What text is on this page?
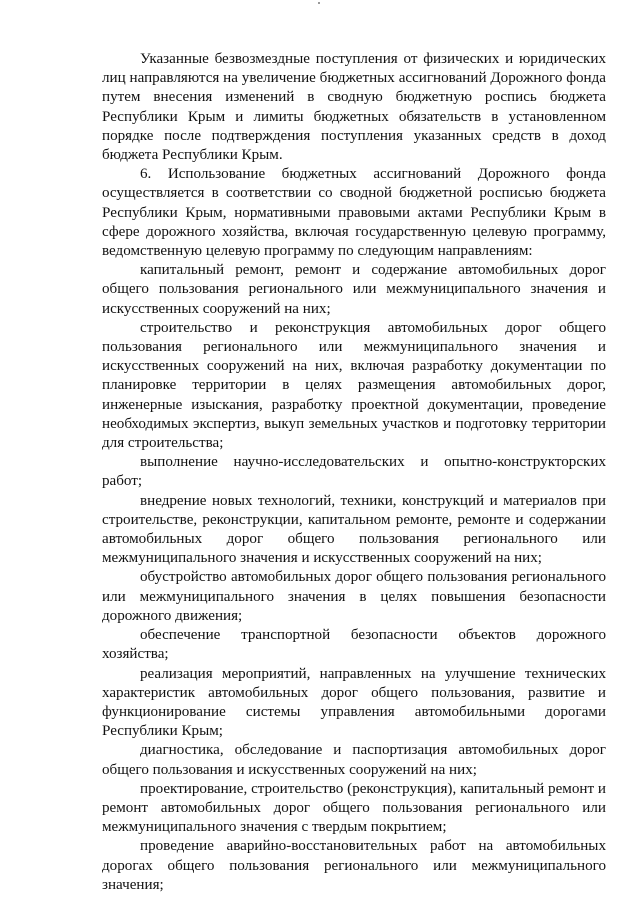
Указанные безвозмездные поступления от физических и юридических лиц направляются на увеличение бюджетных ассигнований Дорожного фонда путем внесения изменений в сводную бюджетную роспись бюджета Республики Крым и лимиты бюджетных обязательств в установленном порядке после подтверждения поступления указанных средств в доход бюджета Республики Крым.

6. Использование бюджетных ассигнований Дорожного фонда осуществляется в соответствии со сводной бюджетной росписью бюджета Республики Крым, нормативными правовыми актами Республики Крым в сфере дорожного хозяйства, включая государственную целевую программу, ведомственную целевую программу по следующим направлениям:

капитальный ремонт, ремонт и содержание автомобильных дорог общего пользования регионального или межмуниципального значения и искусственных сооружений на них;

строительство и реконструкция автомобильных дорог общего пользования регионального или межмуниципального значения и искусственных сооружений на них, включая разработку документации по планировке территории в целях размещения автомобильных дорог, инженерные изыскания, разработку проектной документации, проведение необходимых экспертиз, выкуп земельных участков и подготовку территории для строительства;

выполнение научно-исследовательских и опытно-конструкторских работ;

внедрение новых технологий, техники, конструкций и материалов при строительстве, реконструкции, капитальном ремонте, ремонте и содержании автомобильных дорог общего пользования регионального или межмуниципального значения и искусственных сооружений на них;

обустройство автомобильных дорог общего пользования регионального или межмуниципального значения в целях повышения безопасности дорожного движения;

обеспечение транспортной безопасности объектов дорожного хозяйства;

реализация мероприятий, направленных на улучшение технических характеристик автомобильных дорог общего пользования, развитие и функционирование системы управления автомобильными дорогами Республики Крым;

диагностика, обследование и паспортизация автомобильных дорог общего пользования и искусственных сооружений на них;

проектирование, строительство (реконструкция), капитальный ремонт и ремонт автомобильных дорог общего пользования регионального или межмуниципального значения с твердым покрытием;

проведение аварийно-восстановительных работ на автомобильных дорогах общего пользования регионального или межмуниципального значения;
